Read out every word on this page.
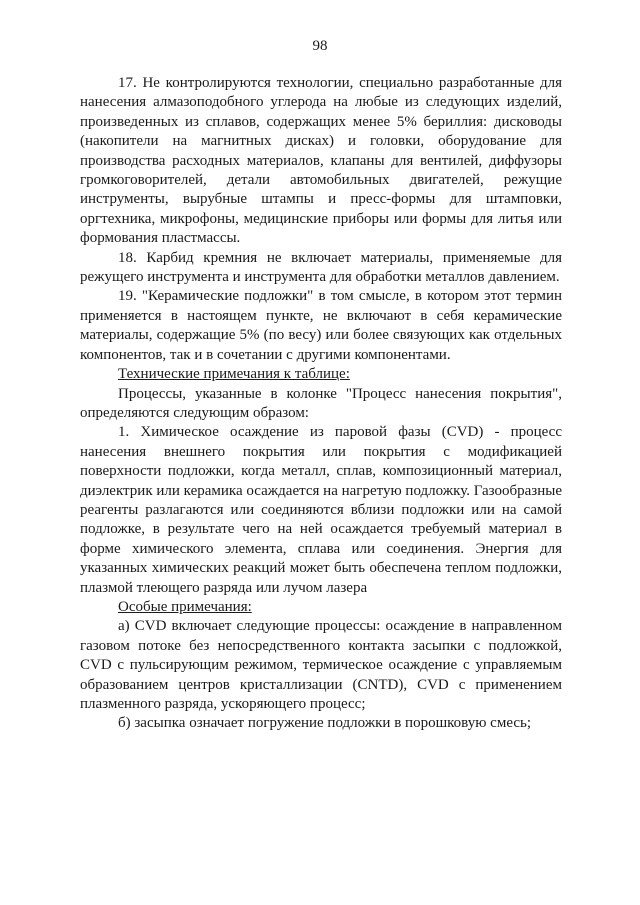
98

17. Не контролируются технологии, специально разработанные для нанесения алмазоподобного углерода на любые из следующих изделий, произведенных из сплавов, содержащих менее 5% бериллия: дисководы (накопители на магнитных дисках) и головки, оборудование для производства расходных материалов, клапаны для вентилей, диффузоры громкоговорителей, детали автомобильных двигателей, режущие инструменты, вырубные штампы и пресс-формы для штамповки, оргтехника, микрофоны, медицинские приборы или формы для литья или формования пластмассы.

18. Карбид кремния не включает материалы, применяемые для режущего инструмента и инструмента для обработки металлов давлением.

19. "Керамические подложки" в том смысле, в котором этот термин применяется в настоящем пункте, не включают в себя керамические материалы, содержащие 5% (по весу) или более связующих как отдельных компонентов, так и в сочетании с другими компонентами.

Технические примечания к таблице:

Процессы, указанные в колонке "Процесс нанесения покрытия", определяются следующим образом:

1. Химическое осаждение из паровой фазы (CVD) - процесс нанесения внешнего покрытия или покрытия с модификацией поверхности подложки, когда металл, сплав, композиционный материал, диэлектрик или керамика осаждается на нагретую подложку. Газообразные реагенты разлагаются или соединяются вблизи подложки или на самой подложке, в результате чего на ней осаждается требуемый материал в форме химического элемента, сплава или соединения. Энергия для указанных химических реакций может быть обеспечена теплом подложки, плазмой тлеющего разряда или лучом лазера

Особые примечания:

а) CVD включает следующие процессы: осаждение в направленном газовом потоке без непосредственного контакта засыпки с подложкой, CVD с пульсирующим режимом, термическое осаждение с управляемым образованием центров кристаллизации (CNTD), CVD с применением плазменного разряда, ускоряющего процесс;

б) засыпка означает погружение подложки в порошковую смесь;
